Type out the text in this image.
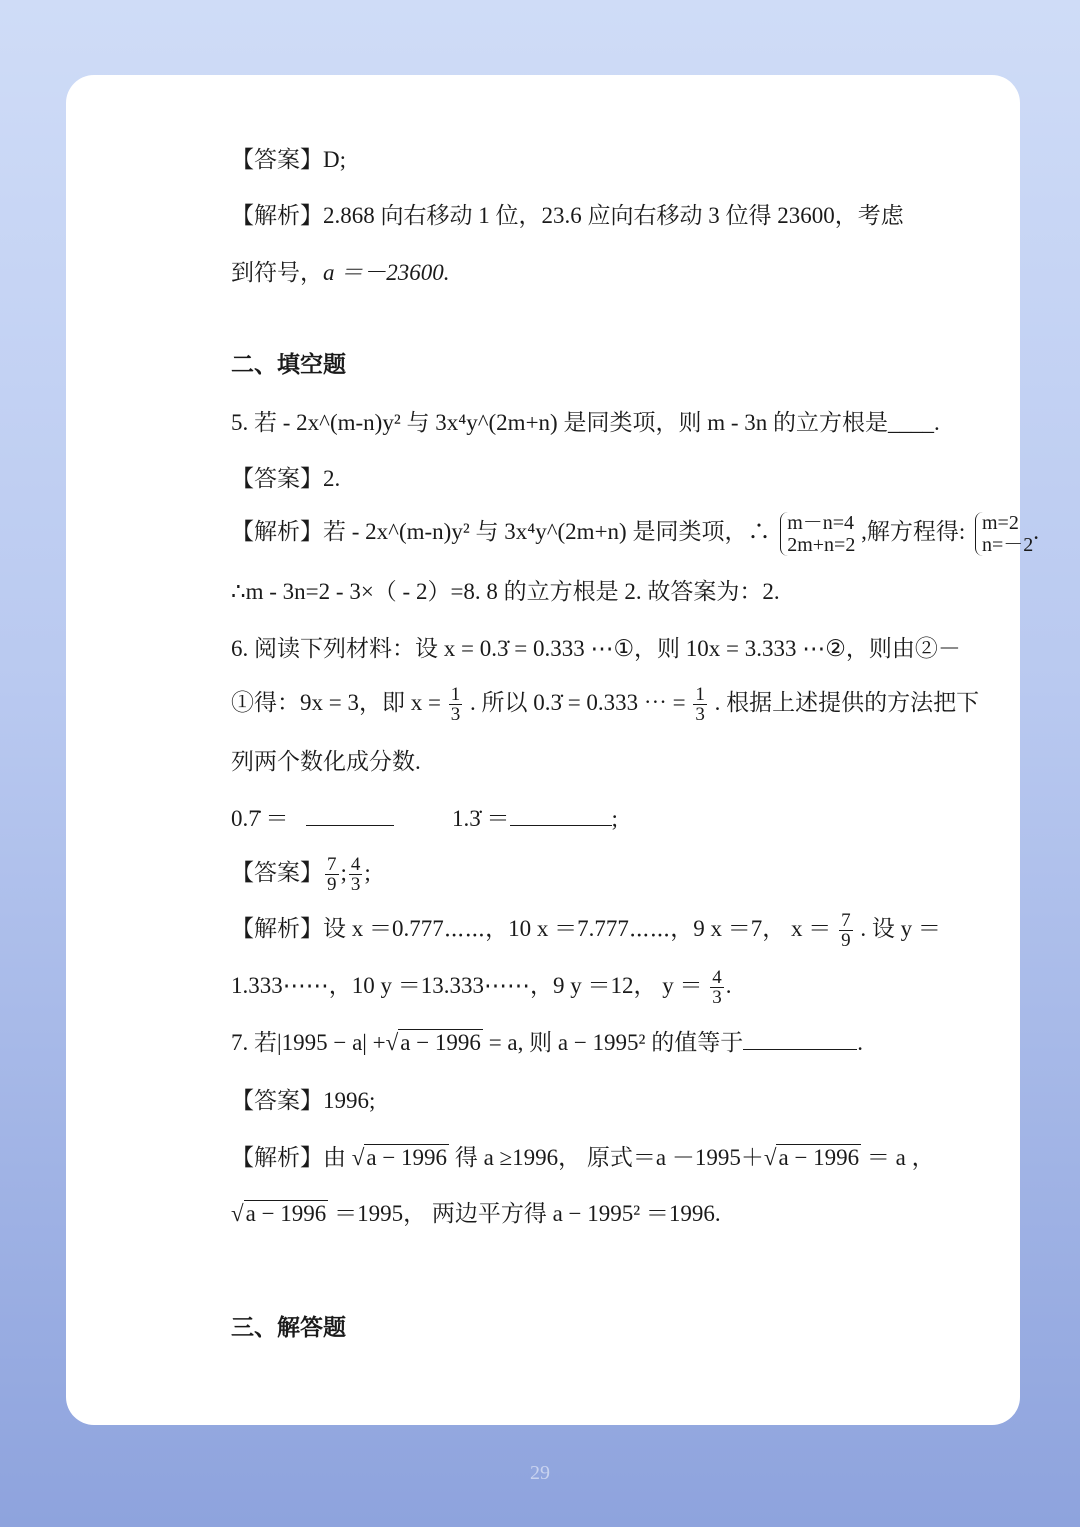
【答案】D;
【解析】2.868 向右移动 1 位，23.6 应向右移动 3 位得 23600，考虑
到符号，a ＝－23600.
二、填空题
5. 若 - 2x^(m-n)y² 与 3x⁴y^(2m+n) 是同类项，则 m - 3n 的立方根是____.
【答案】2.
【解析】若 - 2x^(m-n)y² 与 3x⁴y^(2m+n) 是同类项，∴ m－n=4
2m+n=2 ,解方程得: m=2
n=－2.
∴m - 3n=2 - 3×（ - 2）=8. 8 的立方根是 2. 故答案为：2.
6. 阅读下列材料：设 x = 0.3̇ = 0.333 ⋯①，则 10x = 3.333 ⋯②，则由②－
①得：9x = 3，即 $x = \frac{1}{3}$ . 所以 0.3̇ = 0.333 ⋯ = $\frac{1}{3}$ . 根据上述提供的方法把下
列两个数化成分数.
0.7̇ ＝	1.3̇ ＝	;
【答案】 $\frac{7}{9}$ ; $\frac{4}{3}$ ;
【解析】设 x ＝0.777⋯⋯，10 x ＝7.777⋯⋯，9 x ＝7， $x = \frac{7}{9}$ . 设 y ＝
1.333⋯⋯，10 y ＝13.333⋯⋯，9 y ＝12， $y = \frac{4}{3}$ .
7. 若|1995 − a| +√a − 1996 = a, 则 a − 1995² 的值等于	.
【答案】1996;
【解析】由 √a − 1996 得 a ≥1996， 原式＝a －1995＋√a − 1996 ＝ a ，
√a − 1996 ＝1995， 两边平方得 a − 1995² ＝1996.
三、解答题
29
